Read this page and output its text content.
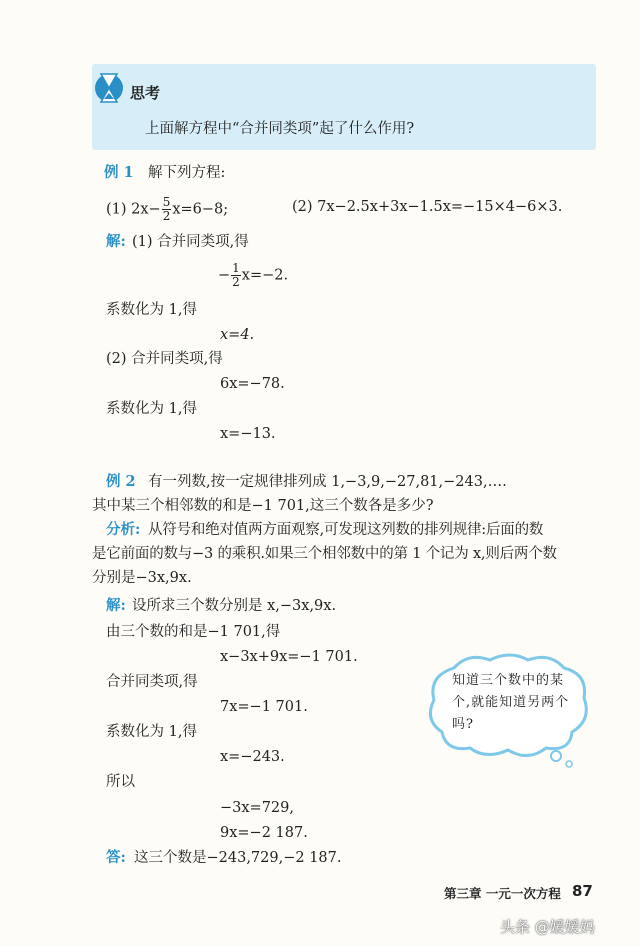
思考
上面解方程中“合并同类项”起了什么作用?
例 1 解下列方程:
(1) $2x- \frac{5}{2} x=6-8$;	(2) 7x−2.5x+3x−1.5x=−15×4−6×3.
解: (1) 合并同类项,得
− $\frac{1}{2} x=-2$.
系数化为 1,得
x=4.
(2) 合并同类项,得
6x=−78.
系数化为 1,得
x=−13.
例 2 有一列数,按一定规律排列成 1,−3,9,−27,81,−243,….
其中某三个相邻数的和是−1 701,这三个数各是多少?
分析: 从符号和绝对值两方面观察,可发现这列数的排列规律:后面的数
是它前面的数与−3 的乘积.如果三个相邻数中的第 1 个记为 x,则后两个数
分别是−3x,9x.
解: 设所求三个数分别是 x,−3x,9x.
由三个数的和是−1 701,得
x−3x+9x=−1 701.
合并同类项,得
7x=−1 701.
系数化为 1,得
x=−243.
所以
−3x=729,
9x=−2 187.
答: 这三个数是−243,729,−2 187.
知道三个数中的某个,就能知道另两个吗?
第三章 一元一次方程 87
头条 @媛媛妈
